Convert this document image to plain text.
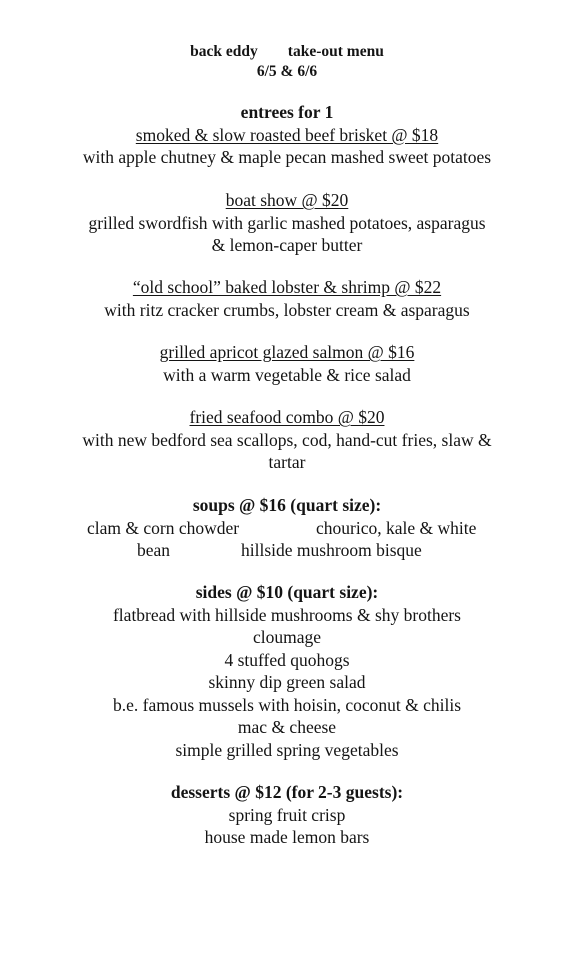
back eddy take-out menu
6/5 & 6/6
entrees for 1
smoked & slow roasted beef brisket @ $18
with apple chutney & maple pecan mashed sweet potatoes
boat show @ $20
grilled swordfish with garlic mashed potatoes, asparagus
& lemon-caper butter
“old school” baked lobster & shrimp @ $22
with ritz cracker crumbs, lobster cream & asparagus
grilled apricot glazed salmon @ $16
with a warm vegetable & rice salad
fried seafood combo @ $20
with new bedford sea scallops, cod, hand-cut fries, slaw &
tartar
soups @ $16 (quart size):
clam & corn chowder	chourico, kale & white
bean	hillside mushroom bisque
sides @ $10 (quart size):
flatbread with hillside mushrooms & shy brothers
cloumage
4 stuffed quohogs
skinny dip green salad
b.e. famous mussels with hoisin, coconut & chilis
mac & cheese
simple grilled spring vegetables
desserts @ $12 (for 2-3 guests):
spring fruit crisp
house made lemon bars
